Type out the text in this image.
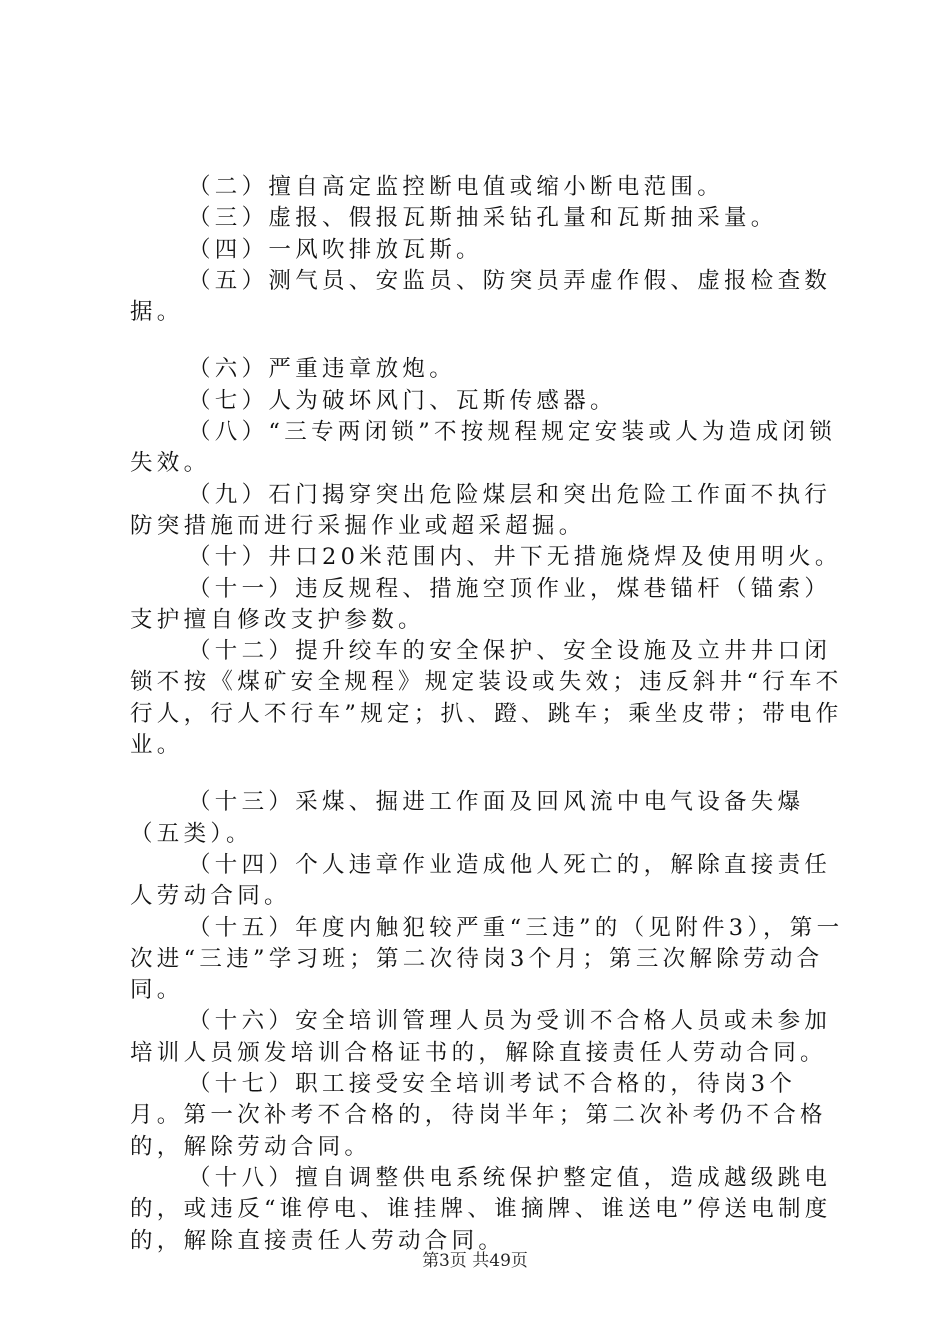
（二）擅自高定监控断电值或缩小断电范围。

（三）虚报、假报瓦斯抽采钻孔量和瓦斯抽采量。

（四）一风吹排放瓦斯。

（五）测气员、安监员、防突员弄虚作假、虚报检查数据。

（六）严重违章放炮。

（七）人为破坏风门、瓦斯传感器。

（八）“三专两闭锁”不按规程规定安装或人为造成闭锁失效。

（九）石门揭穿突出危险煤层和突出危险工作面不执行防突措施而进行采掘作业或超采超掘。

（十）井口20米范围内、井下无措施烧焊及使用明火。

（十一）违反规程、措施空顶作业，煤巷锚杆（锚索）支护擅自修改支护参数。

（十二）提升绞车的安全保护、安全设施及立井井口闭锁不按《煤矿安全规程》规定装设或失效；违反斜井“行车不行人，行人不行车”规定；扒、蹬、跳车；乘坐皮带；带电作业。

（十三）采煤、掘进工作面及回风流中电气设备失爆（五类）。

（十四）个人违章作业造成他人死亡的，解除直接责任人劳动合同。

（十五）年度内触犯较严重“三违”的（见附件3），第一次进“三违”学习班；第二次待岗3个月；第三次解除劳动合同。

（十六）安全培训管理人员为受训不合格人员或未参加培训人员颁发培训合格证书的，解除直接责任人劳动合同。

（十七）职工接受安全培训考试不合格的，待岗3个月。第一次补考不合格的，待岗半年；第二次补考仍不合格的，解除劳动合同。

（十八）擅自调整供电系统保护整定值，造成越级跳电的，或违反“谁停电、谁挂牌、谁摘牌、谁送电”停送电制度的，解除直接责任人劳动合同。

第3页 共49页
